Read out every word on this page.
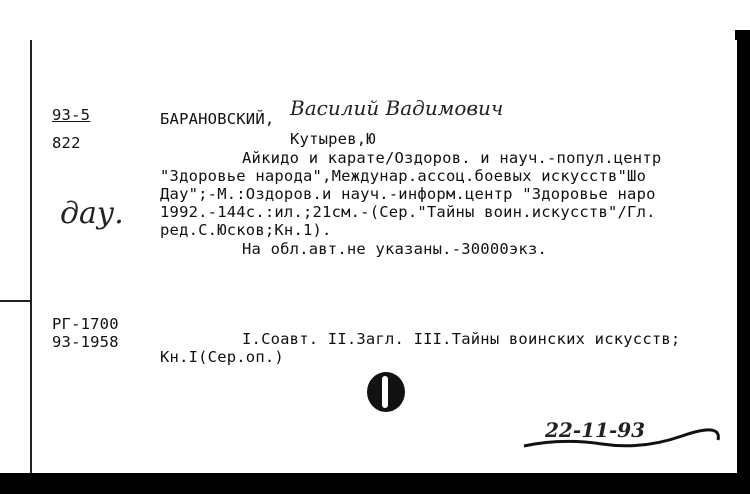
93-5
822
дау.
БАРАНОВСКИЙ, Василий Вадимович
Кутырев,Ю
Айкидо и карате/Оздоров. и науч.-попул.центр
"Здоровье народа",Междунар.ассоц.боевых искусств"Шо
Дау";-М.:Оздоров.и науч.-информ.центр "Здоровье наро
1992.-144с.:ил.;21см.-(Сер."Тайны воин.искусств"/Гл.
ред.С.Юсков;Кн.1).
На обл.авт.не указаны.-30000экз.
РГ-1700
93-1958	I.Соавт. II.Загл. III.Тайны воинских искусств;
Кн.I(Сер.оп.)
22-11-93
